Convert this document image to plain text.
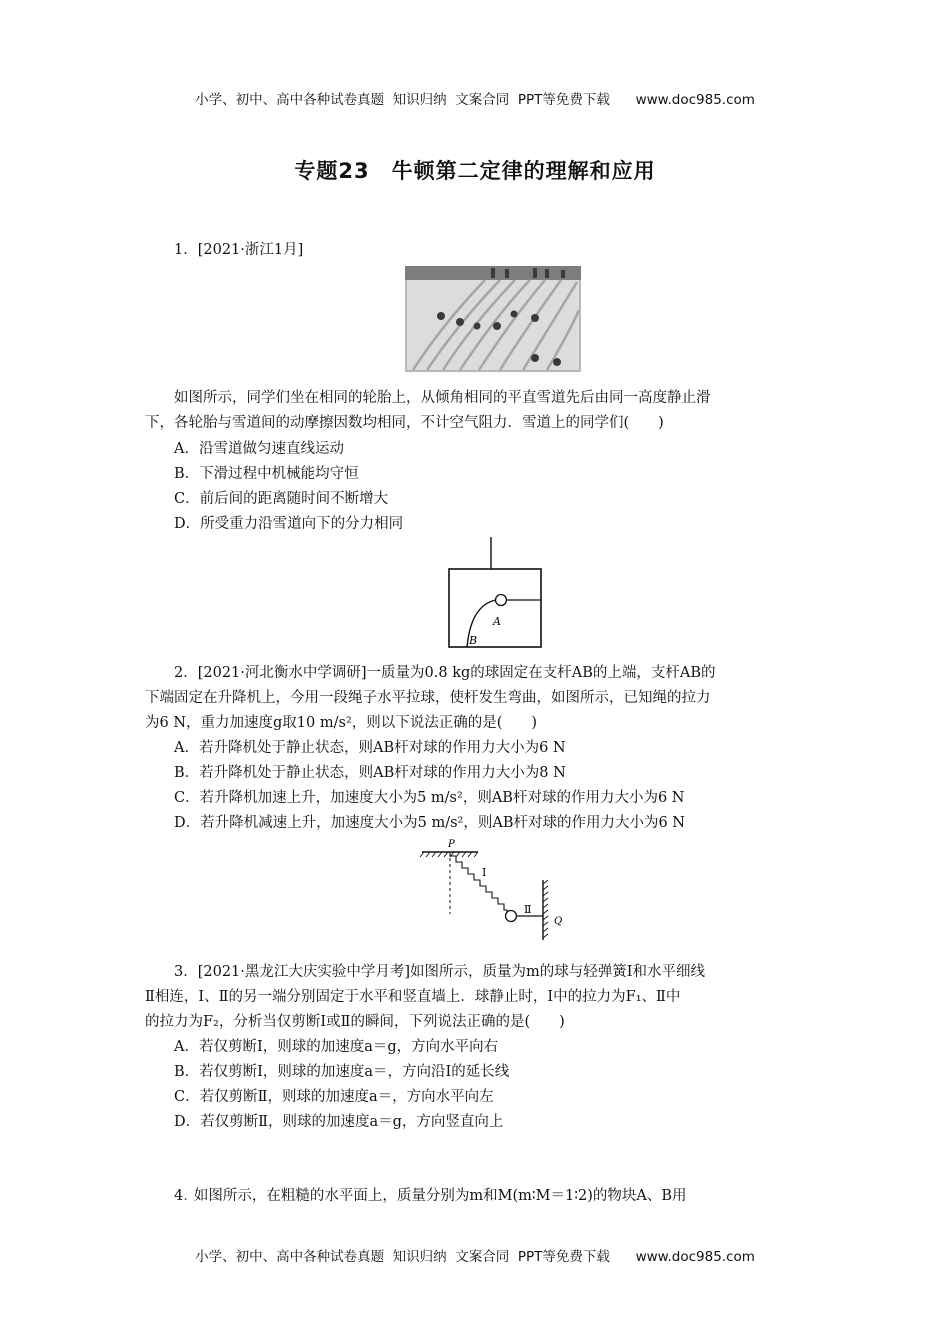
小学、初中、高中各种试卷真题  知识归纳  文案合同  PPT等免费下载      www.doc985.com
专题23　牛顿第二定律的理解和应用
1．[2021·浙江1月]
如图所示，同学们坐在相同的轮胎上，从倾角相同的平直雪道先后由同一高度静止滑
下，各轮胎与雪道间的动摩擦因数均相同，不计空气阻力．雪道上的同学们(　　)
A．沿雪道做匀速直线运动
B．下滑过程中机械能均守恒
C．前后间的距离随时间不断增大
D．所受重力沿雪道向下的分力相同
A
B
2．[2021·河北衡水中学调研]一质量为0.8 kg的球固定在支杆AB的上端，支杆AB的
下端固定在升降机上，今用一段绳子水平拉球，使杆发生弯曲，如图所示，已知绳的拉力
为6 N，重力加速度g取10 m/s²，则以下说法正确的是(　　)
A．若升降机处于静止状态，则AB杆对球的作用力大小为6 N
B．若升降机处于静止状态，则AB杆对球的作用力大小为8 N
C．若升降机加速上升，加速度大小为5 m/s²，则AB杆对球的作用力大小为6 N
D．若升降机减速上升，加速度大小为5 m/s²，则AB杆对球的作用力大小为6 N
P
Ⅰ
Ⅱ
Q
3．[2021·黑龙江大庆实验中学月考]如图所示，质量为m的球与轻弹簧Ⅰ和水平细线
Ⅱ相连，Ⅰ、Ⅱ的另一端分别固定于水平和竖直墙上．球静止时，Ⅰ中的拉力为F₁、Ⅱ中
的拉力为F₂，分析当仅剪断Ⅰ或Ⅱ的瞬间，下列说法正确的是(　　)
A．若仅剪断Ⅰ，则球的加速度a＝g，方向水平向右
B．若仅剪断Ⅰ，则球的加速度a＝，方向沿Ⅰ的延长线
C．若仅剪断Ⅱ，则球的加速度a＝，方向水平向左
D．若仅剪断Ⅱ，则球的加速度a＝g，方向竖直向上
4. 如图所示，在粗糙的水平面上，质量分别为m和M(m∶M＝1∶2)的物块A、B用
小学、初中、高中各种试卷真题  知识归纳  文案合同  PPT等免费下载      www.doc985.com
